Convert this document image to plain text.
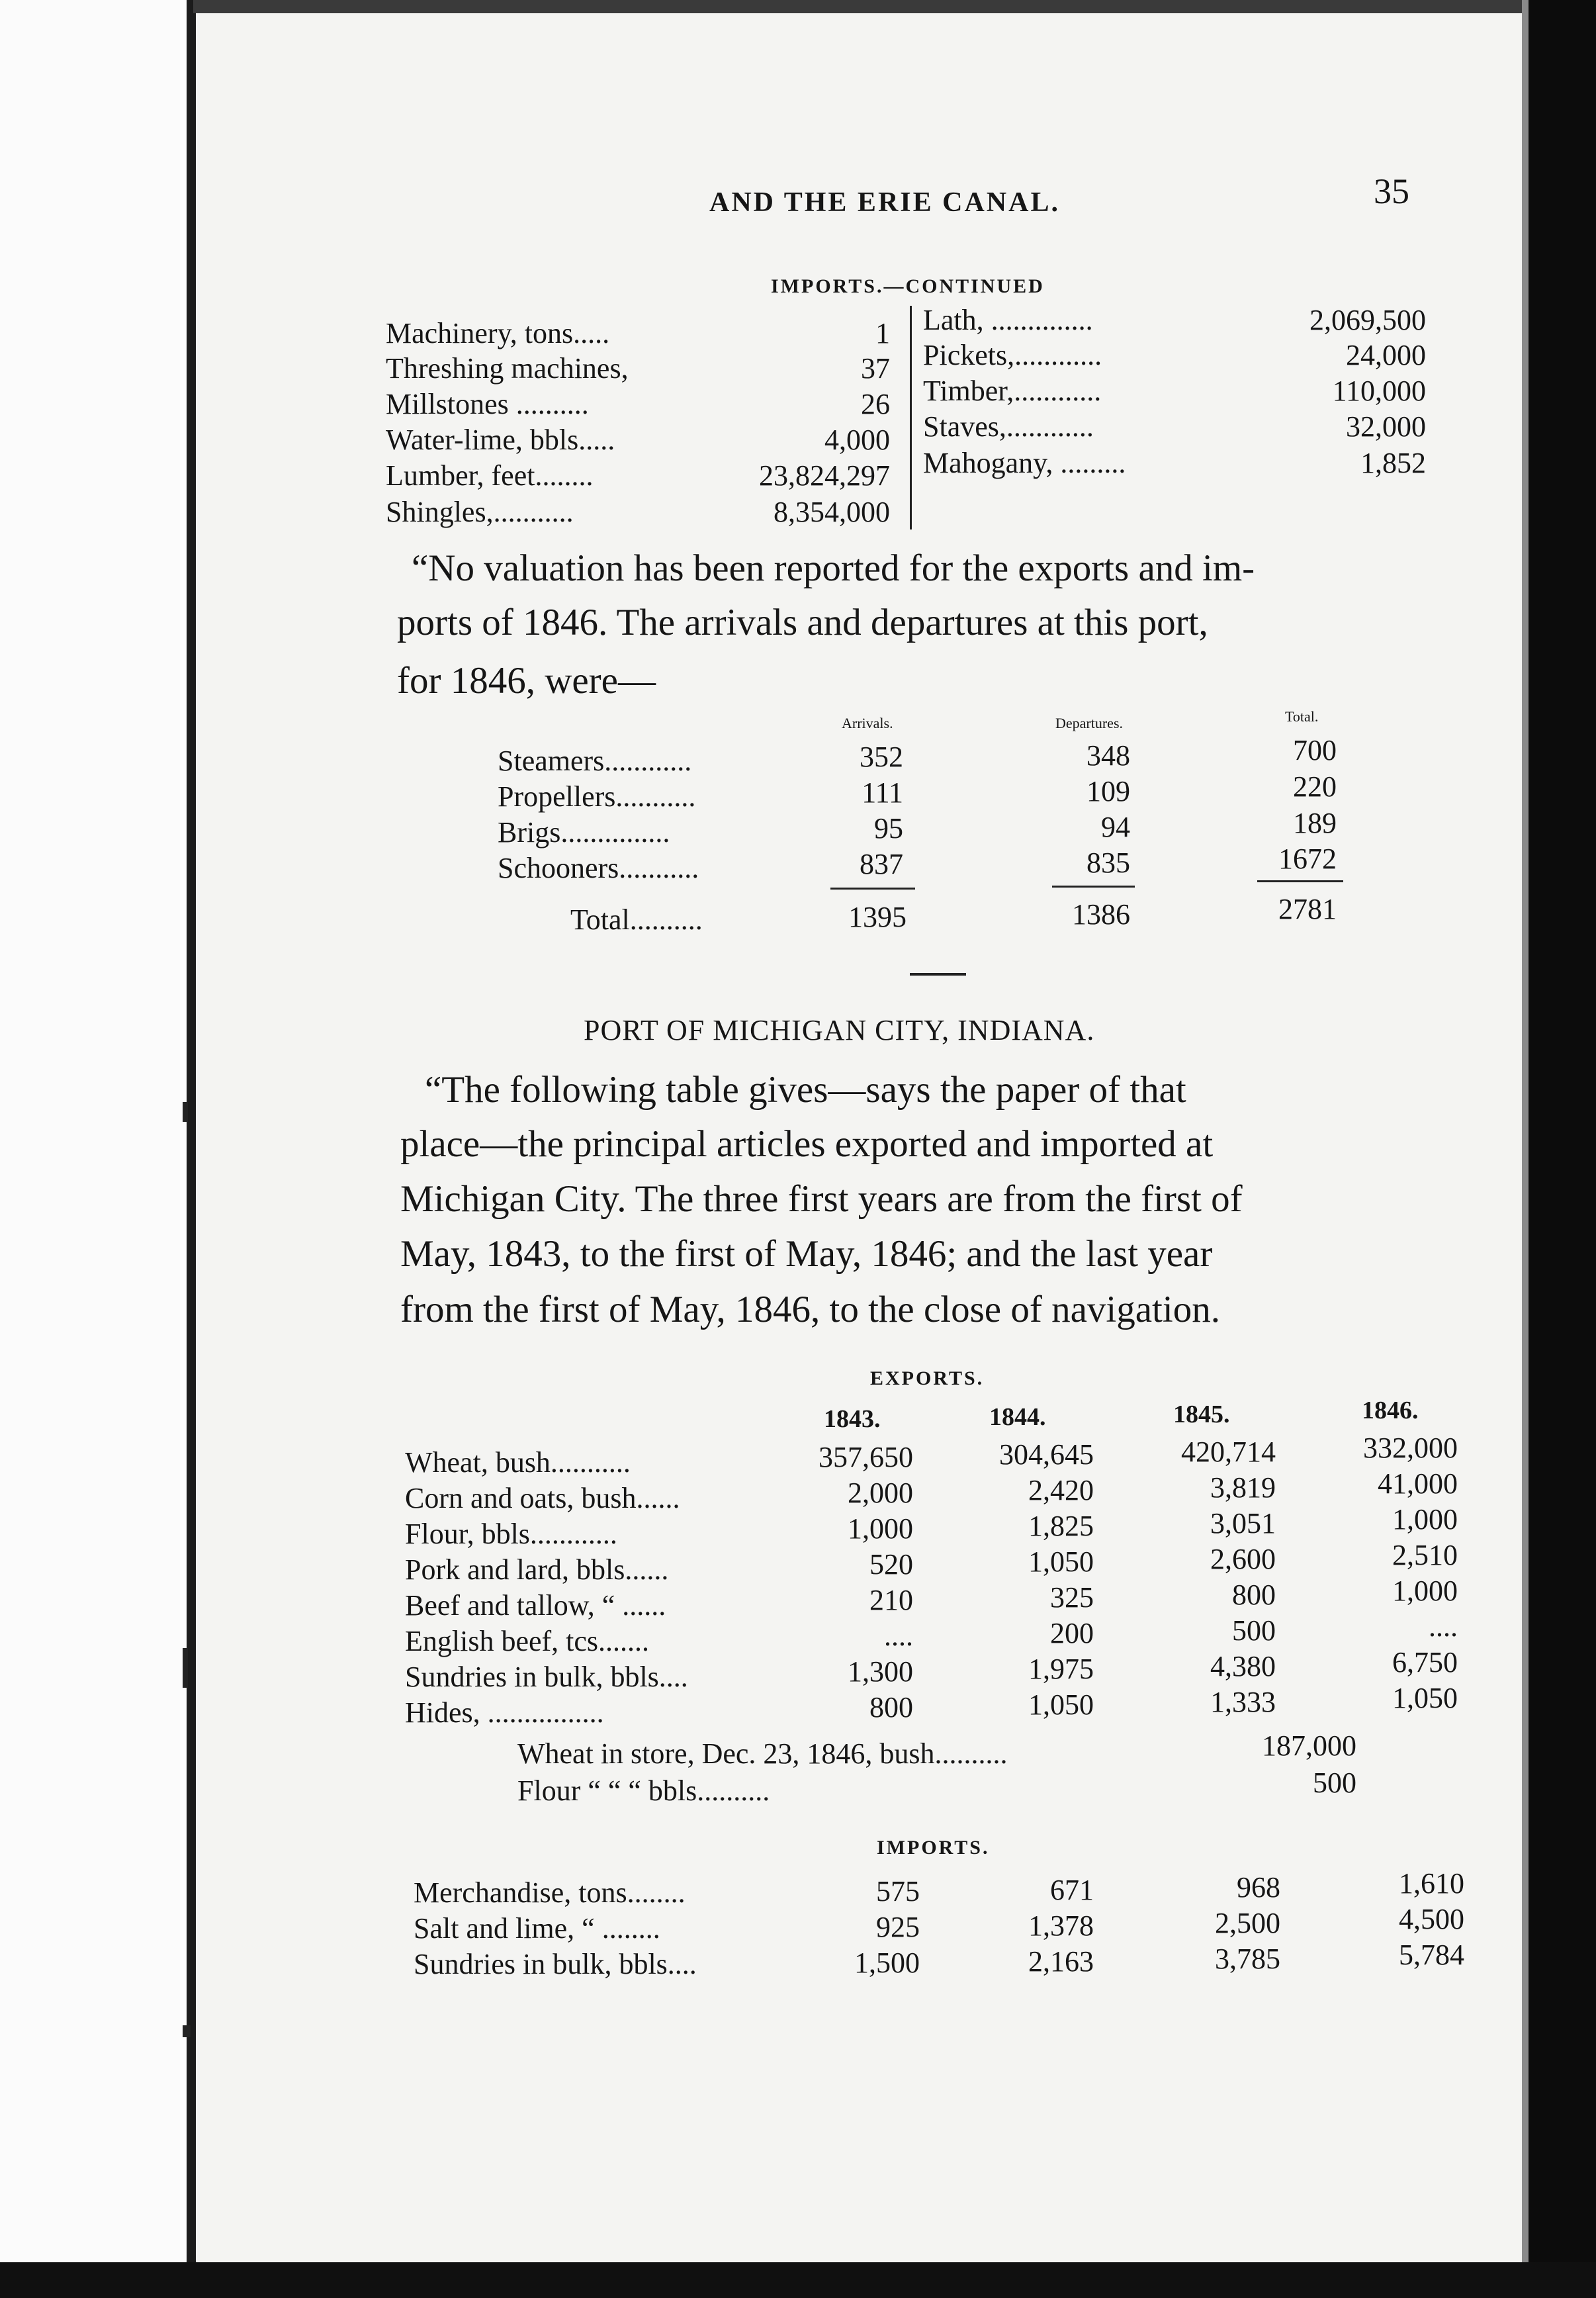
AND THE ERIE CANAL.	35
IMPORTS.—CONTINUED
Machinery, tons.....	1
Threshing machines,	37
Millstones ..........	26
Water-lime, bbls.....	4,000
Lumber, feet........	23,824,297
Shingles,...........	8,354,000
Lath, ..............	2,069,500
Pickets,............	24,000
Timber,............	110,000
Staves,............	32,000
Mahogany, .........	1,852
“No valuation has been reported for the exports and im-
ports of 1846. The arrivals and departures at this port,
for 1846, were—
Arrivals.	Departures.	Total.
Steamers............	352	348	700
Propellers...........	111	109	220
Brigs...............	95	94	189
Schooners...........	837	835	1672
Total..........	1395	1386	2781
PORT OF MICHIGAN CITY, INDIANA.
“The following table gives—says the paper of that
place—the principal articles exported and imported at
Michigan City. The three first years are from the first of
May, 1843, to the first of May, 1846; and the last year
from the first of May, 1846, to the close of navigation.
EXPORTS.
1843.	1844.	1845.	1846.
Wheat, bush...........	357,650	304,645	420,714	332,000
Corn and oats, bush......	2,000	2,420	3,819	41,000
Flour, bbls............	1,000	1,825	3,051	1,000
Pork and lard, bbls......	520	1,050	2,600	2,510
Beef and tallow, “ ......	210	325	800	1,000
English beef, tcs.......	....	200	500	....
Sundries in bulk, bbls....	1,300	1,975	4,380	6,750
Hides, ................	800	1,050	1,333	1,050
Wheat in store, Dec. 23, 1846, bush..........	187,000
Flour “ “ “ bbls..........	500
IMPORTS.
Merchandise, tons........	575	671	968	1,610
Salt and lime, “ ........	925	1,378	2,500	4,500
Sundries in bulk, bbls....	1,500	2,163	3,785	5,784
